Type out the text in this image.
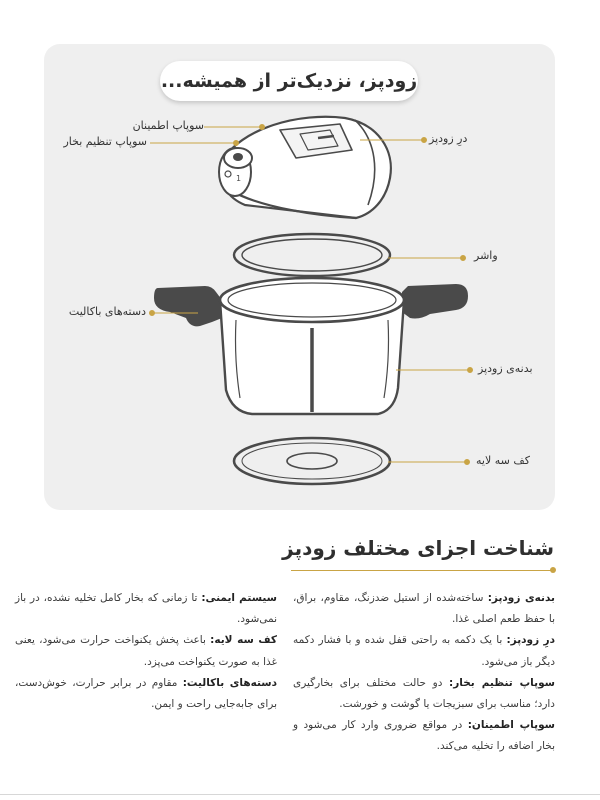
1
زودپز، نزدیک‌تر از همیشه...
سوپاپ اطمینان
سوپاپ تنظیم بخار	درِ زودپز
واشر
دسته‌های باکالیت
بدنه‌ی زودپز
کف سه لایه
شناخت اجزای مختلف زودپز

بدنه‌ی زودپز: ساخته‌شده از استیل ضدزنگ، مقاوم، براق، با حفظ طعم اصلی غذا.

درِ زودپز: با یک دکمه به راحتی قفل شده و با فشار دکمه دیگر باز می‌شود.

سوپاپ تنظیم بخار: دو حالت مختلف برای بخارگیری دارد؛ مناسب برای سبزیجات یا گوشت و خورشت.

سوپاپ اطمینان: در مواقع ضروری وارد کار می‌شود و بخار اضافه را تخلیه می‌کند.

سیستم ایمنی: تا زمانی که بخار کامل تخلیه نشده، در باز نمی‌شود.

کف سه لایه: باعث پخش یکنواخت حرارت می‌شود، یعنی غذا به صورت یکنواخت می‌پزد.

دسته‌های باکالیت: مقاوم در برابر حرارت، خوش‌دست، برای جابه‌جایی راحت و ایمن.
